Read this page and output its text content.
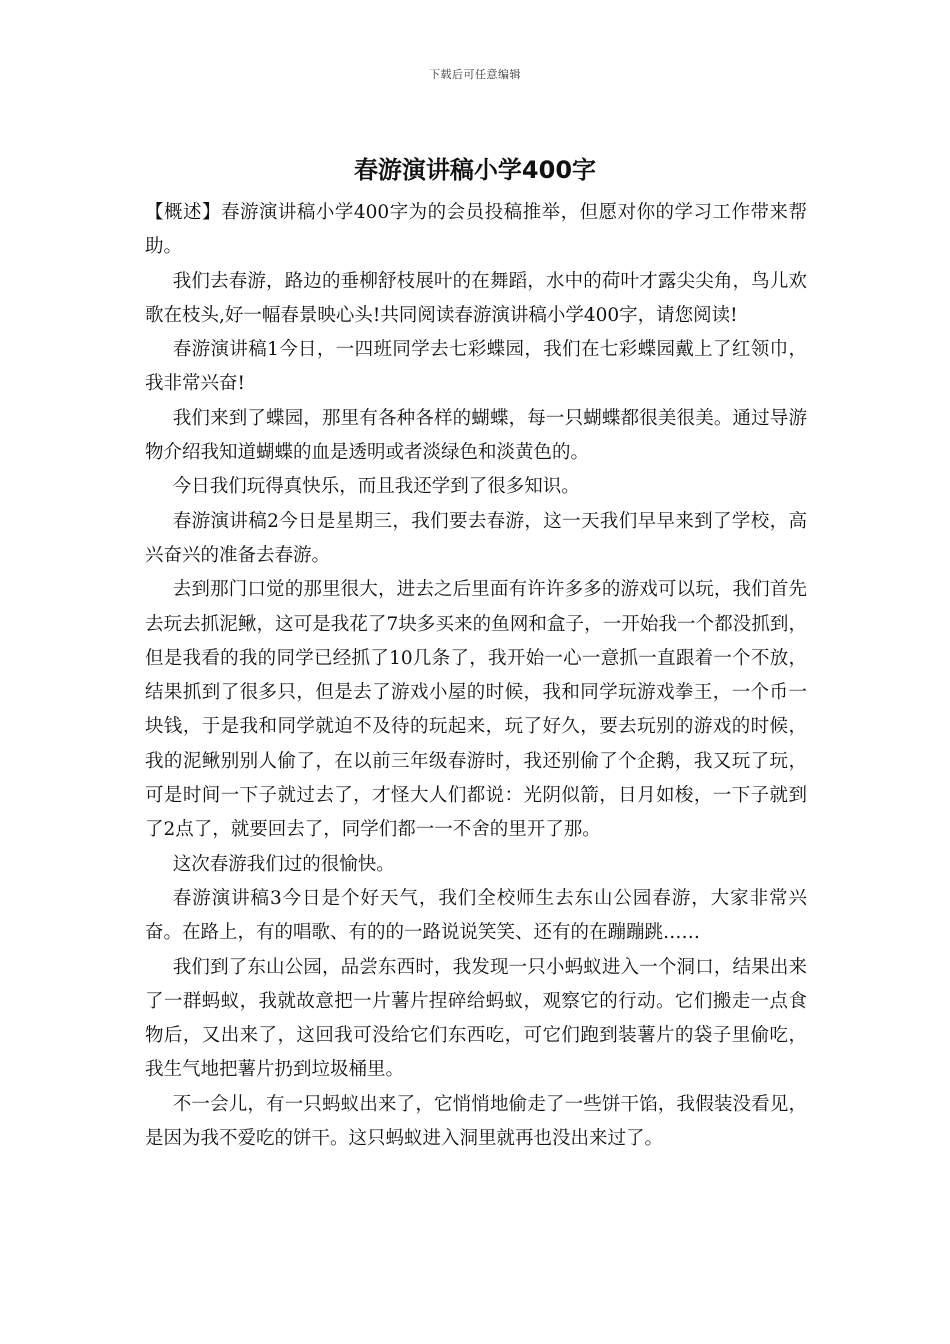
下载后可任意编辑
春游演讲稿小学400字

【概述】春游演讲稿小学400字为的会员投稿推举，但愿对你的学习工作带来帮助。

我们去春游，路边的垂柳舒枝展叶的在舞蹈，水中的荷叶才露尖尖角，鸟儿欢歌在枝头,好一幅春景映心头!共同阅读春游演讲稿小学400字，请您阅读!

春游演讲稿1今日，一四班同学去七彩蝶园，我们在七彩蝶园戴上了红领巾，我非常兴奋!

我们来到了蝶园，那里有各种各样的蝴蝶，每一只蝴蝶都很美很美。通过导游物介绍我知道蝴蝶的血是透明或者淡绿色和淡黄色的。

今日我们玩得真快乐，而且我还学到了很多知识。

春游演讲稿2今日是星期三，我们要去春游，这一天我们早早来到了学校，高兴奋兴的准备去春游。

去到那门口觉的那里很大，进去之后里面有许许多多的游戏可以玩，我们首先去玩去抓泥鳅，这可是我花了7块多买来的鱼网和盒子，一开始我一个都没抓到，但是我看的我的同学已经抓了10几条了，我开始一心一意抓一直跟着一个不放，结果抓到了很多只，但是去了游戏小屋的时候，我和同学玩游戏拳王，一个币一块钱，于是我和同学就迫不及待的玩起来，玩了好久，要去玩别的游戏的时候，我的泥鳅别别人偷了，在以前三年级春游时，我还别偷了个企鹅，我又玩了玩，可是时间一下子就过去了，才怪大人们都说：光阴似箭，日月如梭，一下子就到了2点了，就要回去了，同学们都一一不舍的里开了那。

这次春游我们过的很愉快。

春游演讲稿3今日是个好天气，我们全校师生去东山公园春游，大家非常兴奋。在路上，有的唱歌、有的的一路说说笑笑、还有的在蹦蹦跳……

我们到了东山公园，品尝东西时，我发现一只小蚂蚁进入一个洞口，结果出来了一群蚂蚁，我就故意把一片薯片捏碎给蚂蚁，观察它的行动。它们搬走一点食物后，又出来了，这回我可没给它们东西吃，可它们跑到装薯片的袋子里偷吃，我生气地把薯片扔到垃圾桶里。

不一会儿，有一只蚂蚁出来了，它悄悄地偷走了一些饼干馅，我假装没看见，是因为我不爱吃的饼干。这只蚂蚁进入洞里就再也没出来过了。
